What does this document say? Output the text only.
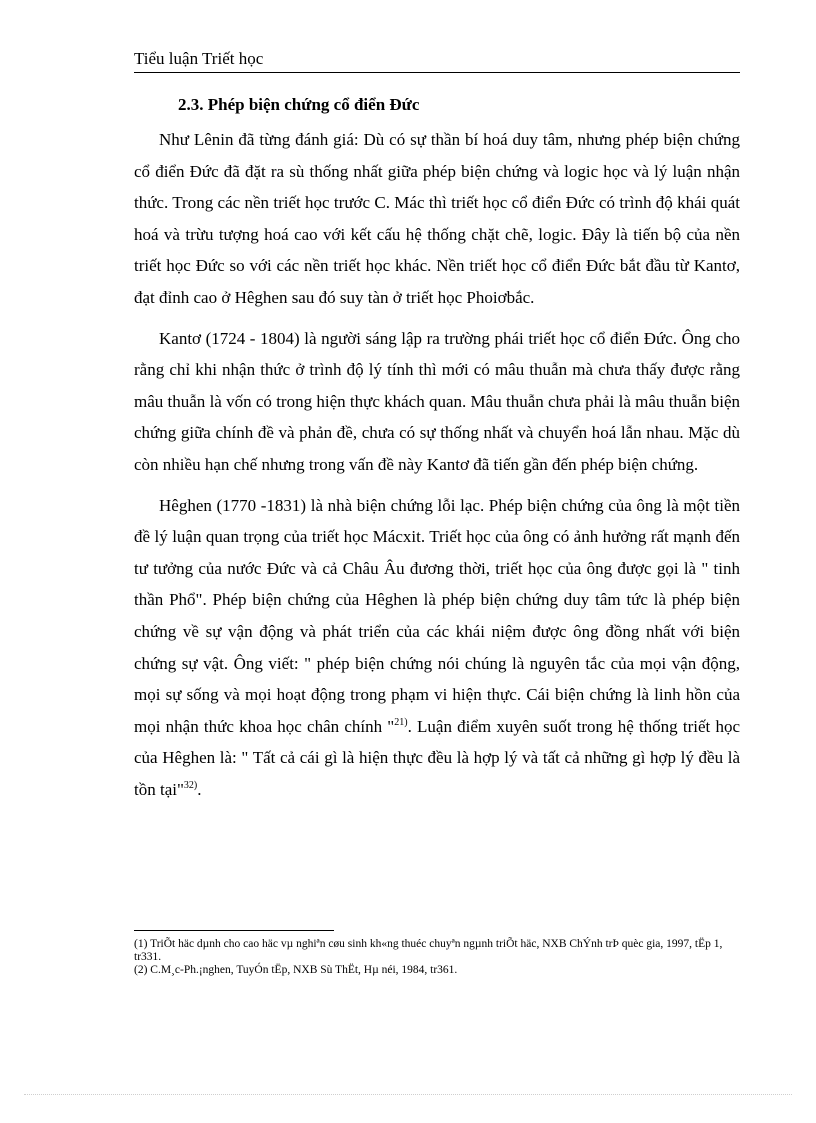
Tiểu luận Triết học
2.3. Phép biện chứng cổ điển Đức

Như Lênin đã từng đánh giá: Dù có sự thần bí hoá duy tâm, nhưng phép biện chứng cổ điển Đức đã đặt ra sù thống nhất giữa phép biện chứng và logic học và lý luận nhận thức. Trong các nền triết học trước C. Mác thì triết học cổ điển Đức có trình độ khái quát hoá và trừu tượng hoá cao với kết cấu hệ thống chặt chẽ, logic. Đây là tiến bộ của nền triết học Đức so với các nền triết học khác. Nền triết học cổ điển Đức bắt đầu từ Kantơ, đạt đỉnh cao ở Hêghen sau đó suy tàn ở triết học Phoiơbắc.

Kantơ (1724 - 1804) là người sáng lập ra trường phái triết học cổ điển Đức. Ông cho rằng chỉ khi nhận thức ở trình độ lý tính thì mới có mâu thuẫn mà chưa thấy được rằng mâu thuẫn là vốn có trong hiện thực khách quan. Mâu thuẫn chưa phải là mâu thuẫn biện chứng giữa chính đề và phản đề, chưa có sự thống nhất và chuyển hoá lẫn nhau. Mặc dù còn nhiều hạn chế nhưng trong vấn đề này Kantơ đã tiến gần đến phép biện chứng.

Hêghen (1770 -1831) là nhà biện chứng lỗi lạc. Phép biện chứng của ông là một tiền đề lý luận quan trọng của triết học Mácxit. Triết học của ông có ảnh hưởng rất mạnh đến tư tưởng của nước Đức và cả Châu Âu đương thời, triết học của ông được gọi là " tinh thần Phổ". Phép biện chứng của Hêghen là phép biện chứng duy tâm tức là phép biện chứng về sự vận động và phát triển của các khái niệm được ông đồng nhất với biện chứng sự vật. Ông viết: " phép biện chứng nói chúng là nguyên tắc của mọi vận động, mọi sự sống và mọi hoạt động trong phạm vi hiện thực. Cái biện chứng là linh hồn của mọi nhận thức khoa học chân chính "$^{21)}$. Luận điểm xuyên suốt trong hệ thống triết học của Hêghen là: " Tất cả cái gì là hiện thực đều là hợp lý và tất cả những gì hợp lý đều là tồn tại"$^{32)}$.

(1) TriÕt häc dµnh cho cao häc vµ nghiªn cøu sinh kh«ng thuéc chuyªn ngµnh triÕt häc, NXB ChÝnh trÞ quèc gia, 1997, tËp 1, tr331.

(2) C.M¸c-Ph.¡nghen, TuyÓn tËp, NXB Sù ThËt, Hµ néi, 1984, tr361.
